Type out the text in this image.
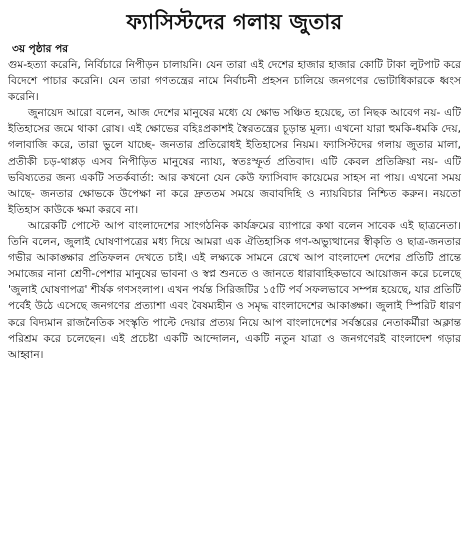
ফ্যাসিস্টদের গলায় জুতার
৩য় পৃষ্ঠার পর

গুম-হত্যা করেনি, নির্বিচারে নিপীড়ন চালায়নি। যেন তারা এই দেশের হাজার হাজার কোটি টাকা লুটপাট করে বিদেশে পাচার করেনি। যেন তারা গণতন্ত্রের নামে নির্বাচনী প্রহসন চালিয়ে জনগণের ভোটাধিকারকে ধ্বংস করেনি।

জুনায়েদ আরো বলেন, আজ দেশের মানুষের মধ্যে যে ক্ষোভ সঞ্চিত হয়েছে, তা নিছক আবেগ নয়- এটি ইতিহাসের জমে থাকা রোষ। এই ক্ষোভের বহিঃপ্রকাশই স্বৈরতন্ত্রের চূড়ান্ত মূল্য। এখনো যারা হুমকি-ধমকি দেয়, গলাবাজি করে, তারা ভুলে যাচ্ছে- জনতার প্রতিরোধই ইতিহাসের নিয়ম। ফ্যাসিস্টদের গলায় জুতার মালা, প্রতীকী চড়-থাপ্পড় এসব নিপীড়িত মানুষের ন্যায্য, স্বতঃস্ফূর্ত প্রতিবাদ। এটি কেবল প্রতিক্রিয়া নয়- এটি ভবিষ্যতের জন্য একটি সতর্কবার্তা: আর কখনো যেন কেউ ফ্যাসিবাদ কায়েমের সাহস না পায়। এখনো সময় আছে- জনতার ক্ষোভকে উপেক্ষা না করে দ্রুততম সময়ে জবাবদিহি ও ন্যায়বিচার নিশ্চিত করুন। নয়তো ইতিহাস কাউকে ক্ষমা করবে না।

আরেকটি পোস্টে আপ বাংলাদেশের সাংগঠনিক কার্যক্রমের ব্যাপারে কথা বলেন সাবেক এই ছাত্রনেতা। তিনি বলেন, জুলাই ঘোষণাপত্রের মধ্য দিয়ে আমরা এক ঐতিহাসিক গণ-অভ্যুত্থানের স্বীকৃতি ও ছাত্র-জনতার গভীর আকাঙ্ক্ষার প্রতিফলন দেখতে চাই। এই লক্ষ্যকে সামনে রেখে আপ বাংলাদেশ দেশের প্রতিটি প্রান্তে সমাজের নানা শ্রেণী-পেশার মানুষের ভাবনা ও স্বপ্ন শুনতে ও জানতে ধারাবাহিকভাবে আয়োজন করে চলেছে 'জুলাই ঘোষণাপত্র' শীর্ষক গণসংলাপ। এখন পর্যন্ত সিরিজটির ১৫টি পর্ব সফলভাবে সম্পন্ন হয়েছে, যার প্রতিটি পর্বেই উঠে এসেছে জনগণের প্রত্যাশা এবং বৈষম্যহীন ও সমৃদ্ধ বাংলাদেশের আকাঙ্ক্ষা। জুলাই স্পিরিট ধারণ করে বিদ্যমান রাজনৈতিক সংস্কৃতি পাল্টে দেয়ার প্রত্যয় নিয়ে আপ বাংলাদেশের সর্বস্তরের নেতাকর্মীরা অক্লান্ত পরিশ্রম করে চলেছেন। এই প্রচেষ্টা একটি আন্দোলন, একটি নতুন যাত্রা ও জনগণেরই বাংলাদেশ গড়ার আহ্বান।
